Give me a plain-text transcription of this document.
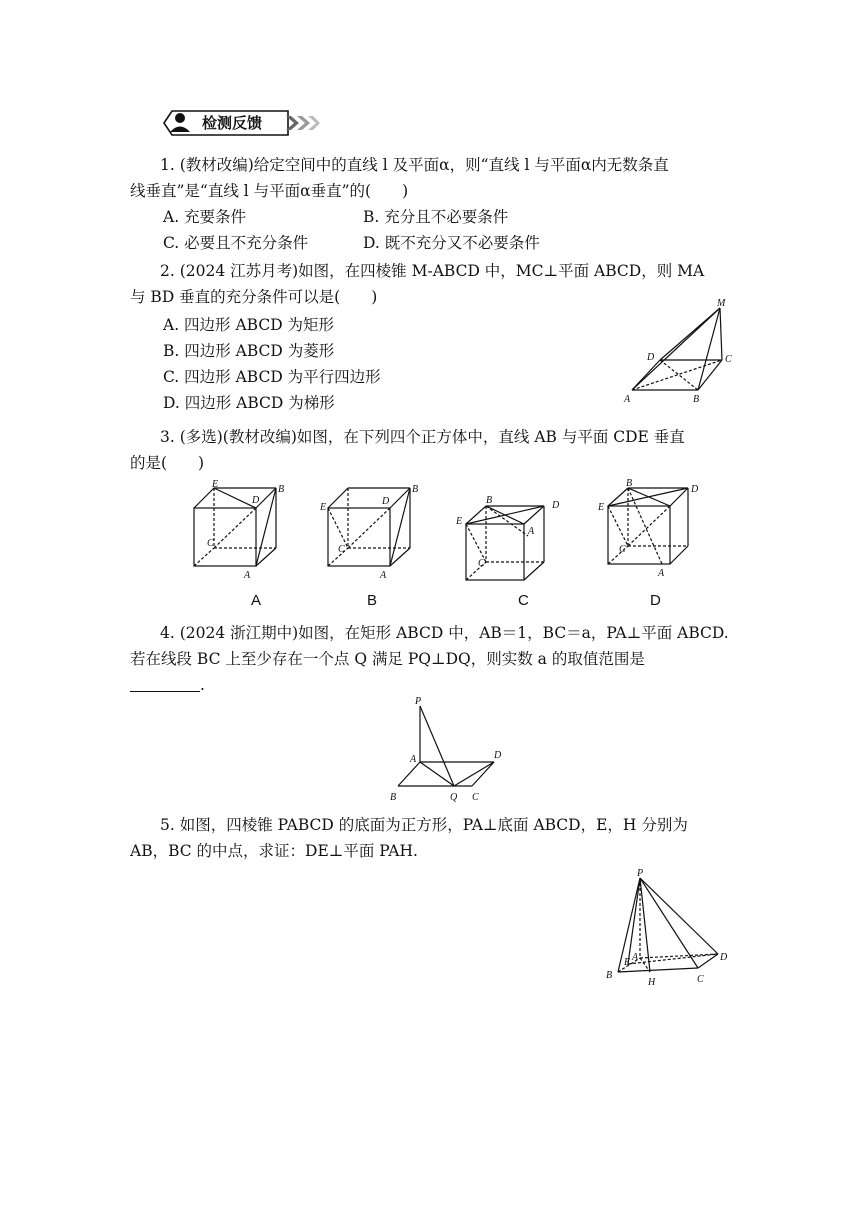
检测反馈
1. (教材改编)给定空间中的直线 l 及平面α，则“直线 l 与平面α内无数条直
线垂直”是“直线 l 与平面α垂直”的(　　)
A. 充要条件	B. 充分且不必要条件
C. 必要且不充分条件	D. 既不充分又不必要条件
2. (2024 江苏月考)如图，在四棱锥 M-ABCD 中，MC⊥平面 ABCD，则 MA
与 BD 垂直的充分条件可以是(　　)
A. 四边形 ABCD 为矩形
B. 四边形 ABCD 为菱形
C. 四边形 ABCD 为平行四边形
D. 四边形 ABCD 为梯形
M
D	C
A	B
3. (多选)(教材改编)如图，在下列四个正方体中，直线 AB 与平面 CDE 垂直
的是(　　)
E
D
B
C
A
E
D
B
C
A
B	D
E
A
C
B
D
E
C
A
A	B	C	D
4. (2024 浙江期中)如图，在矩形 ABCD 中，AB＝1，BC＝a，PA⊥平面 ABCD.
若在线段 BC 上至少存在一个点 Q 满足 PQ⊥DQ，则实数 a 的取值范围是
.
P
A	D
B	Q C
5. 如图，四棱锥 PABCD 的底面为正方形，PA⊥底面 ABCD，E，H 分别为
AB，BC 的中点，求证：DE⊥平面 PAH.
P
A	D
E
B
H	C
